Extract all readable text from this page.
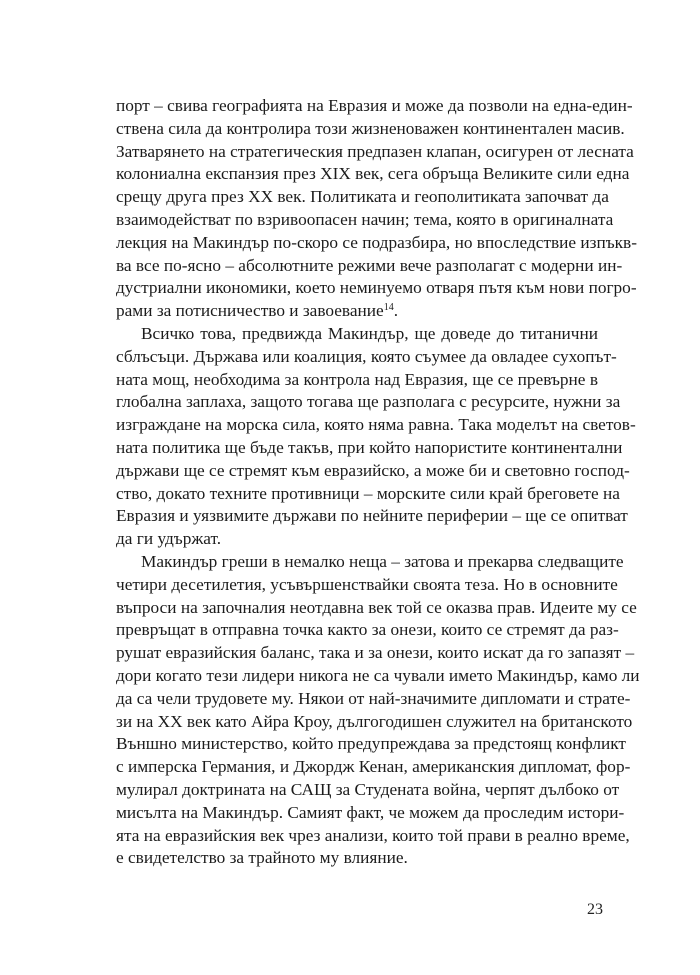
порт – свива географията на Евразия и може да позволи на една-един-
ствена сила да контролира този жизненоважен континентален масив.
Затварянето на стратегическия предпазен клапан, осигурен от лесната
колониална експанзия през XIX век, сега обръща Великите сили една
срещу друга през XX век. Политиката и геополитиката започват да
взаимодействат по взривоопасен начин; тема, която в оригиналната
лекция на Макиндър по-скоро се подразбира, но впоследствие изпъкв-
ва все по-ясно – абсолютните режими вече разполагат с модерни ин-
дустриални икономики, което неминуемо отваря пътя към нови погро-
рами за потисничество и завоевание$^{14}$.
Всичко това, предвижда Макиндър, ще доведе до титанични
сблъсъци. Държава или коалиция, която съумее да овладее сухопът-
ната мощ, необходима за контрола над Евразия, ще се превърне в
глобална заплаха, защото тогава ще разполага с ресурсите, нужни за
изграждане на морска сила, която няма равна. Така моделът на светов-
ната политика ще бъде такъв, при който напористите континентални
държави ще се стремят към евразийско, а може би и световно господ-
ство, докато техните противници – морските сили край бреговете на
Евразия и уязвимите държави по нейните периферии – ще се опитват
да ги удържат.
Макиндър греши в немалко неща – затова и прекарва следващите
четири десетилетия, усъвършенствайки своята теза. Но в основните
въпроси на започналия неотдавна век той се оказва прав. Идеите му се
превръщат в отправна точка както за онези, които се стремят да раз-
рушат евразийския баланс, така и за онези, които искат да го запазят –
дори когато тези лидери никога не са чували името Макиндър, камо ли
да са чели трудовете му. Някои от най-значимите дипломати и страте-
зи на XX век като Айра Кроу, дългогодишен служител на британското
Външно министерство, който предупреждава за предстоящ конфликт
с имперска Германия, и Джордж Кенан, американския дипломат, фор-
мулирал доктрината на САЩ за Студената война, черпят дълбоко от
мисълта на Макиндър. Самият факт, че можем да проследим истори-
ята на евразийския век чрез анализи, които той прави в реално време,
е свидетелство за трайното му влияние.
23
